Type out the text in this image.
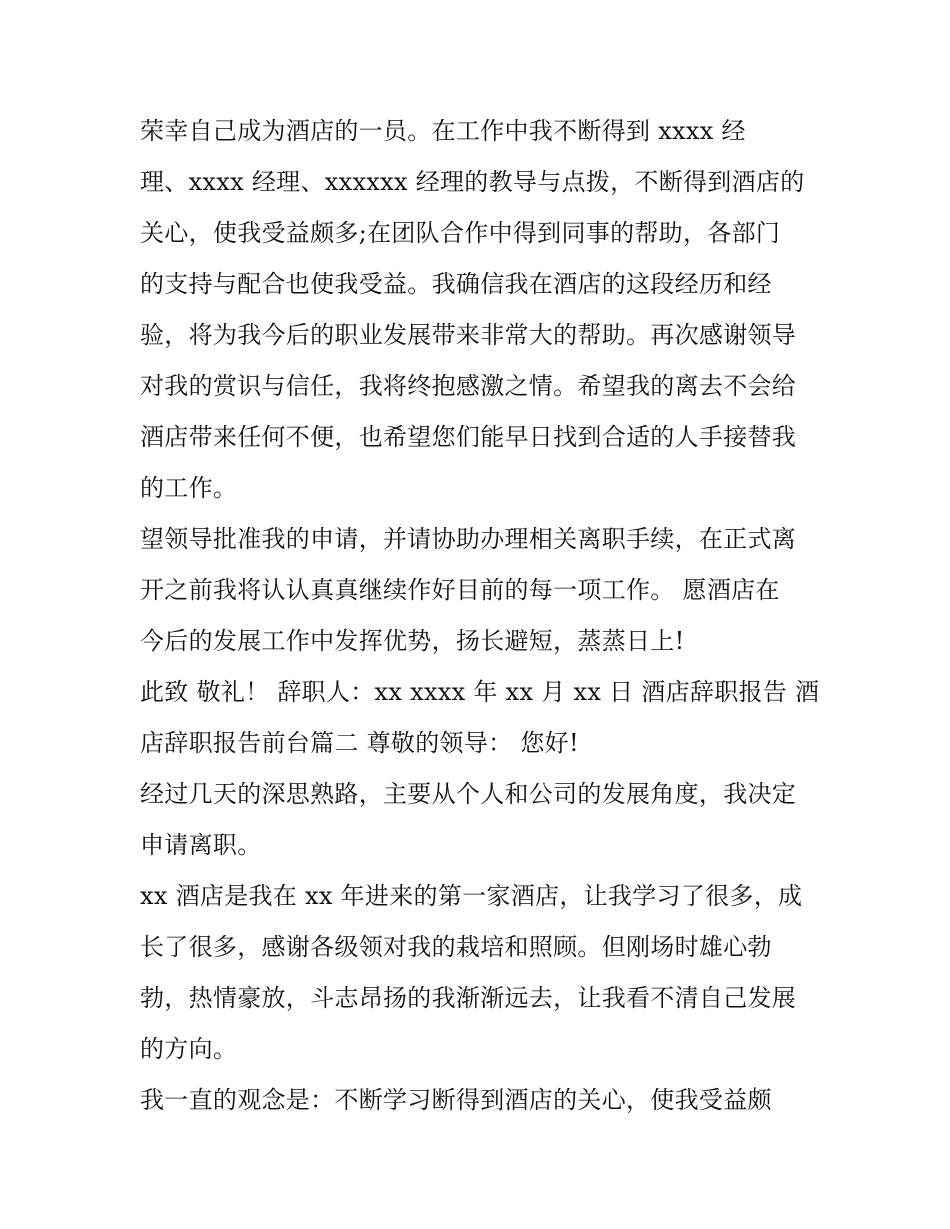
荣幸自己成为酒店的一员。在工作中我不断得到 xxxx 经
理、xxxx 经理、xxxxxx 经理的教导与点拨，不断得到酒店的
关心，使我受益颇多;在团队合作中得到同事的帮助，各部门
的支持与配合也使我受益。我确信我在酒店的这段经历和经
验，将为我今后的职业发展带来非常大的帮助。再次感谢领导
对我的赏识与信任，我将终抱感激之情。希望我的离去不会给
酒店带来任何不便，也希望您们能早日找到合适的人手接替我
的工作。
望领导批准我的申请，并请协助办理相关离职手续，在正式离
开之前我将认认真真继续作好目前的每一项工作。 愿酒店在
今后的发展工作中发挥优势，扬长避短，蒸蒸日上!
此致 敬礼！ 辞职人：xx xxxx 年 xx 月 xx 日 酒店辞职报告 酒
店辞职报告前台篇二 尊敬的领导： 您好!
经过几天的深思熟路，主要从个人和公司的发展角度，我决定
申请离职。
xx 酒店是我在 xx 年进来的第一家酒店，让我学习了很多，成
长了很多，感谢各级领对我的栽培和照顾。但刚场时雄心勃
勃，热情豪放，斗志昂扬的我渐渐远去，让我看不清自己发展
的方向。
我一直的观念是：不断学习断得到酒店的关心，使我受益颇
